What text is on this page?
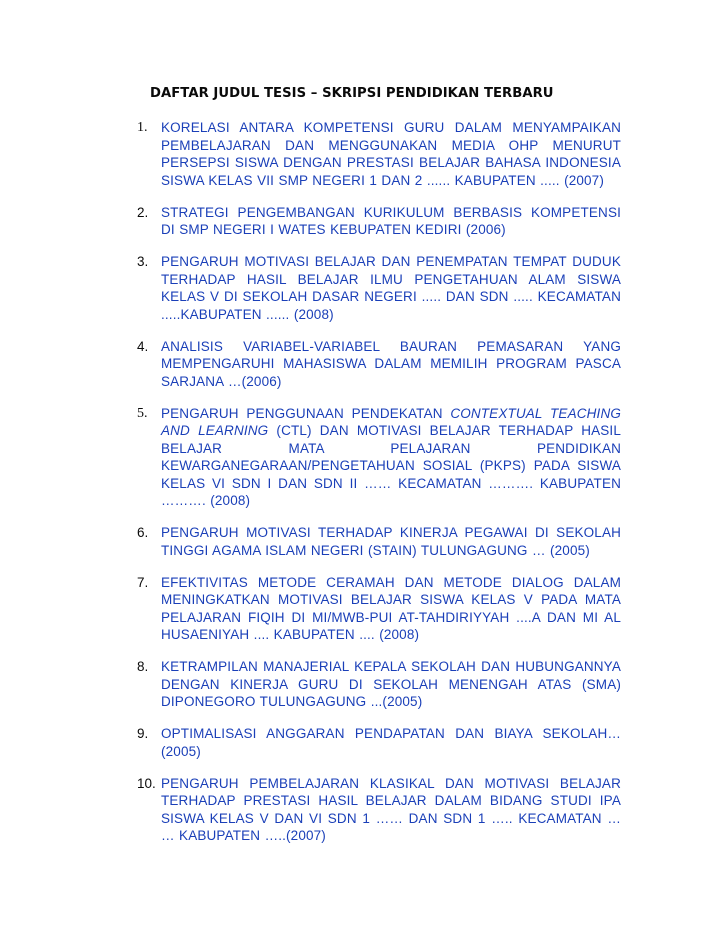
DAFTAR JUDUL TESIS – SKRIPSI PENDIDIKAN TERBARU
1. KORELASI ANTARA KOMPETENSI GURU DALAM MENYAMPAIKAN PEMBELAJARAN DAN MENGGUNAKAN MEDIA OHP MENURUT PERSEPSI SISWA DENGAN PRESTASI BELAJAR BAHASA INDONESIA SISWA KELAS VII SMP NEGERI 1 DAN 2 ...... KABUPATEN ..... (2007)
2. STRATEGI PENGEMBANGAN KURIKULUM BERBASIS KOMPETENSI DI SMP NEGERI I WATES KEBUPATEN KEDIRI (2006)
3. PENGARUH MOTIVASI BELAJAR DAN PENEMPATAN TEMPAT DUDUK TERHADAP HASIL BELAJAR ILMU PENGETAHUAN ALAM SISWA KELAS V DI SEKOLAH DASAR NEGERI ..... DAN SDN ..... KECAMATAN .....KABUPATEN ...... (2008)
4. ANALISIS VARIABEL-VARIABEL BAURAN PEMASARAN YANG MEMPENGARUHI MAHASISWA DALAM MEMILIH PROGRAM PASCA SARJANA …(2006)
5. PENGARUH PENGGUNAAN PENDEKATAN CONTEXTUAL TEACHING AND LEARNING (CTL) DAN MOTIVASI BELAJAR TERHADAP HASIL BELAJAR MATA PELAJARAN PENDIDIKAN KEWARGANEGARAAN/PENGETAHUAN SOSIAL (PKPS) PADA SISWA KELAS VI SDN I DAN SDN II …… KECAMATAN ………. KABUPATEN ………. (2008)
6. PENGARUH MOTIVASI TERHADAP KINERJA PEGAWAI DI SEKOLAH TINGGI AGAMA ISLAM NEGERI (STAIN) TULUNGAGUNG … (2005)
7. EFEKTIVITAS METODE CERAMAH DAN METODE DIALOG DALAM MENINGKATKAN MOTIVASI BELAJAR SISWA KELAS V PADA MATA PELAJARAN FIQIH DI MI/MWB-PUI AT-TAHDIRIYYAH ....A DAN MI AL HUSAENIYAH .... KABUPATEN .... (2008)
8. KETRAMPILAN MANAJERIAL KEPALA SEKOLAH DAN HUBUNGANNYA DENGAN KINERJA GURU DI SEKOLAH MENENGAH ATAS (SMA) DIPONEGORO TULUNGAGUNG ...(2005)
9. OPTIMALISASI ANGGARAN PENDAPATAN DAN BIAYA SEKOLAH… (2005)
10. PENGARUH PEMBELAJARAN KLASIKAL DAN MOTIVASI BELAJAR TERHADAP PRESTASI HASIL BELAJAR DALAM BIDANG STUDI IPA SISWA KELAS V DAN VI SDN 1 …… DAN SDN 1 ….. KECAMATAN … … KABUPATEN …..(2007)
